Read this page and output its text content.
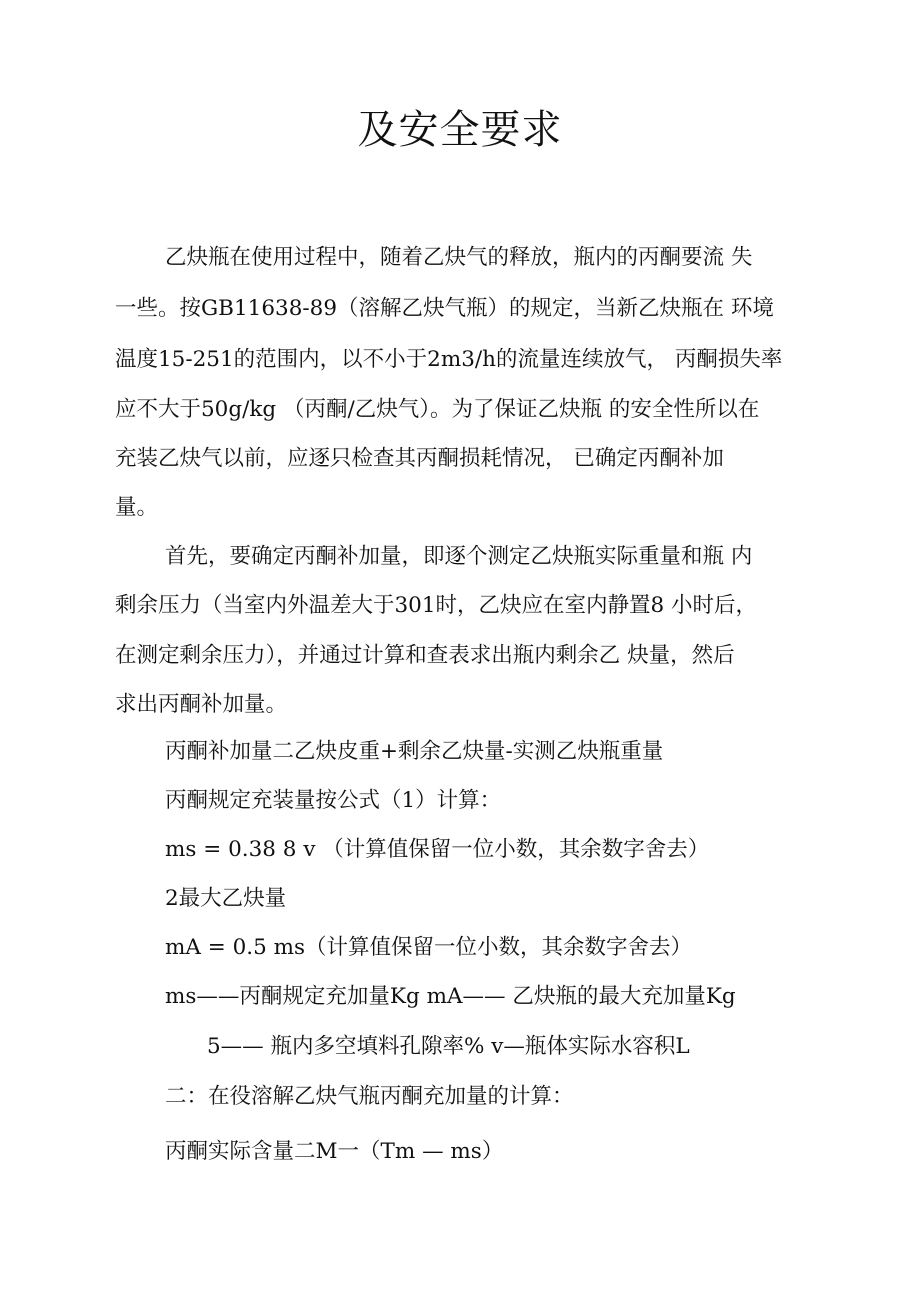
及安全要求
乙炔瓶在使用过程中，随着乙炔气的释放，瓶内的丙酮要流 失
一些。按GB11638-89（溶解乙炔气瓶）的规定，当新乙炔瓶在 环境
温度15-251的范围内，以不小于2m3/h的流量连续放气， 丙酮损失率
应不大于50g/kg （丙酮/乙炔气）。为了保证乙炔瓶 的安全性所以在
充装乙炔气以前，应逐只检查其丙酮损耗情况， 已确定丙酮补加
量。
首先，要确定丙酮补加量，即逐个测定乙炔瓶实际重量和瓶 内
剩余压力（当室内外温差大于301时，乙炔应在室内静置8 小时后，
在测定剩余压力），并通过计算和查表求出瓶内剩余乙 炔量，然后
求出丙酮补加量。
丙酮补加量二乙炔皮重+剩余乙炔量-实测乙炔瓶重量
丙酮规定充装量按公式（1）计算：
ms = 0.38 8 v （计算值保留一位小数，其余数字舍去）
2最大乙炔量
mA = 0.5 ms（计算值保留一位小数，其余数字舍去）
ms——丙酮规定充加量Kg mA—— 乙炔瓶的最大充加量Kg
5—— 瓶内多空填料孔隙率% v—瓶体实际水容积L
二：在役溶解乙炔气瓶丙酮充加量的计算：
丙酮实际含量二M一（Tm — ms）
